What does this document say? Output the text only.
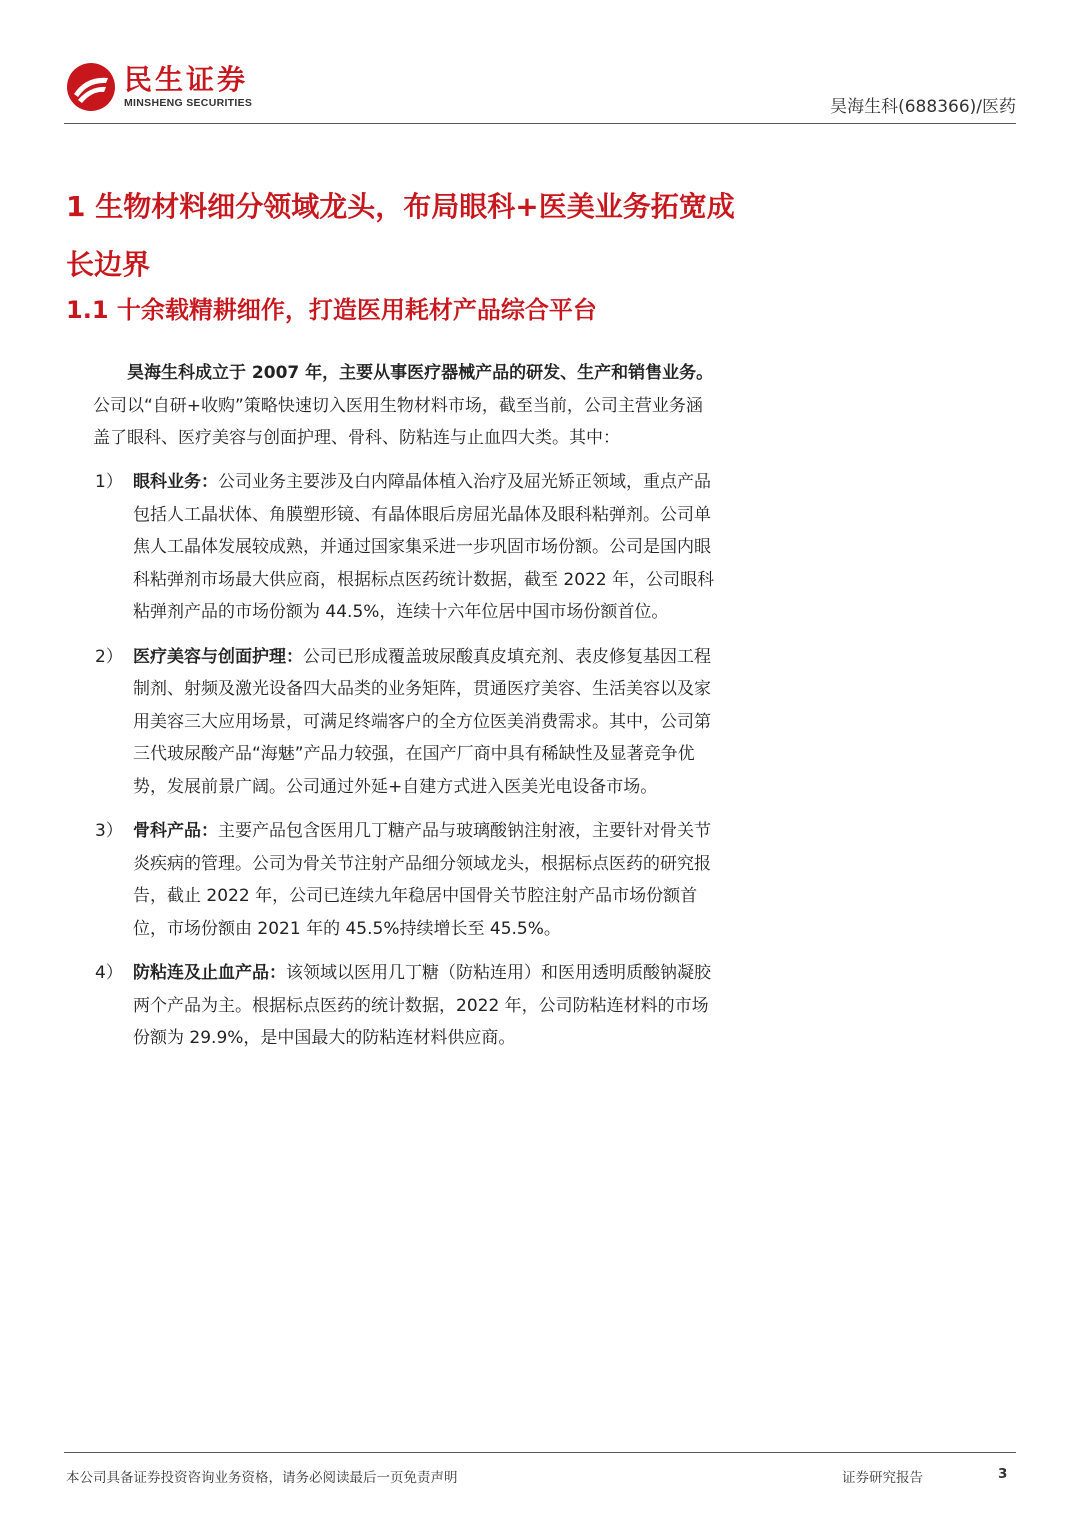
民生证券
MINSHENG SECURITIES	昊海生科(688366)/医药
1 生物材料细分领域龙头，布局眼科+医美业务拓宽成长边界
1.1 十余载精耕细作，打造医用耗材产品综合平台

昊海生科成立于 2007 年，主要从事医疗器械产品的研发、生产和销售业务。公司以“自研+收购”策略快速切入医用生物材料市场，截至当前，公司主营业务涵盖了眼科、医疗美容与创面护理、骨科、防粘连与止血四大类。其中：

1） 眼科业务：公司业务主要涉及白内障晶体植入治疗及屈光矫正领域，重点产品包括人工晶状体、角膜塑形镜、有晶体眼后房屈光晶体及眼科粘弹剂。公司单焦人工晶体发展较成熟，并通过国家集采进一步巩固市场份额。公司是国内眼科粘弹剂市场最大供应商，根据标点医药统计数据，截至 2022 年，公司眼科粘弹剂产品的市场份额为 44.5%，连续十六年位居中国市场份额首位。
2） 医疗美容与创面护理：公司已形成覆盖玻尿酸真皮填充剂、表皮修复基因工程制剂、射频及激光设备四大品类的业务矩阵，贯通医疗美容、生活美容以及家用美容三大应用场景，可满足终端客户的全方位医美消费需求。其中，公司第三代玻尿酸产品“海魅”产品力较强，在国产厂商中具有稀缺性及显著竞争优势，发展前景广阔。公司通过外延+自建方式进入医美光电设备市场。
3） 骨科产品：主要产品包含医用几丁糖产品与玻璃酸钠注射液，主要针对骨关节炎疾病的管理。公司为骨关节注射产品细分领域龙头，根据标点医药的研究报告，截止 2022 年，公司已连续九年稳居中国骨关节腔注射产品市场份额首位，市场份额由 2021 年的 45.5%持续增长至 45.5%。
4） 防粘连及止血产品：该领域以医用几丁糖（防粘连用）和医用透明质酸钠凝胶两个产品为主。根据标点医药的统计数据，2022 年，公司防粘连材料的市场份额为 29.9%，是中国最大的防粘连材料供应商。
本公司具备证券投资咨询业务资格，请务必阅读最后一页免责声明	证券研究报告	3
